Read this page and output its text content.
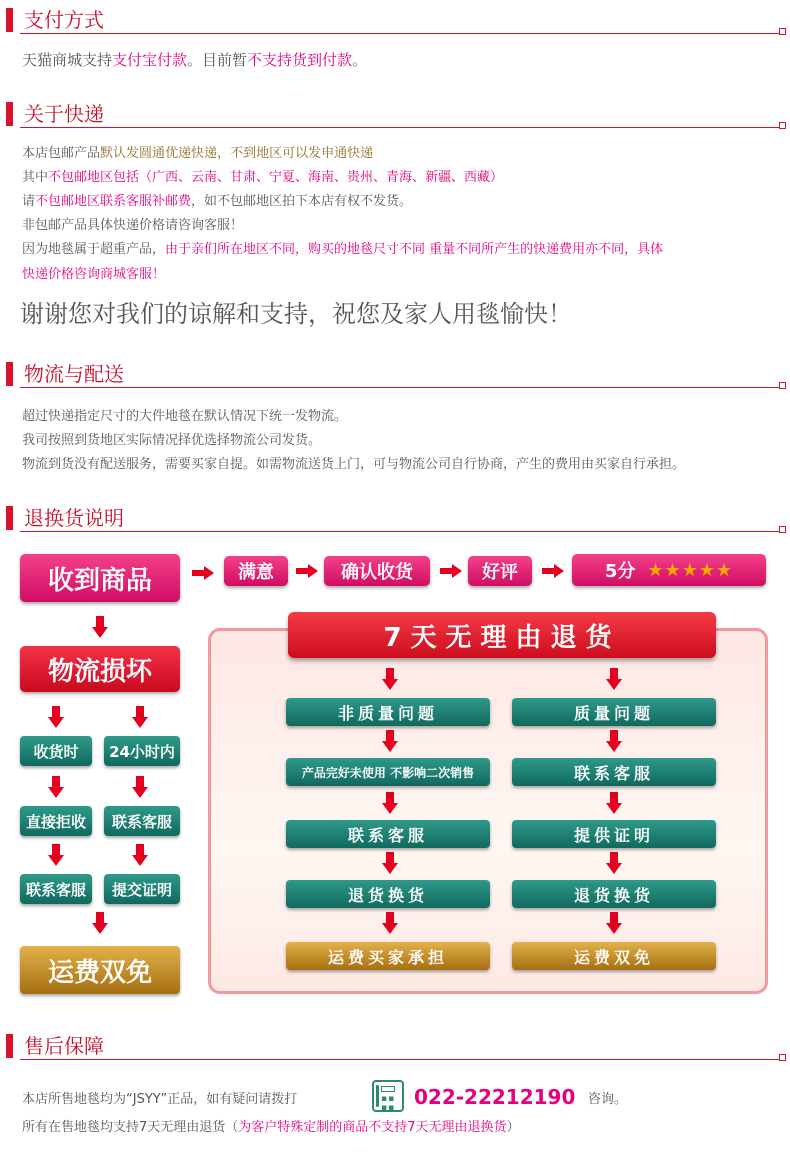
支付方式
天猫商城支持支付宝付款。目前暂不支持货到付款。
关于快递
本店包邮产品默认发圆通优递快递，不到地区可以发申通快递
其中不包邮地区包括（广西、云南、甘肃、宁夏、海南、贵州、青海、新疆、西藏）
请不包邮地区联系客服补邮费，如不包邮地区拍下本店有权不发货。
非包邮产品具体快递价格请咨询客服！
因为地毯属于超重产品，由于亲们所在地区不同，购买的地毯尺寸不同 重量不同所产生的快递费用亦不同，具体
快递价格咨询商城客服！
谢谢您对我们的谅解和支持，祝您及家人用毯愉快！
物流与配送
超过快递指定尺寸的大件地毯在默认情况下统一发物流。
我司按照到货地区实际情况择优选择物流公司发货。
物流到货没有配送服务，需要买家自提。如需物流送货上门，可与物流公司自行协商，产生的费用由买家自行承担。
退换货说明
收到商品	满意	确认收货	好评	5分 ★★★★★
物流损坏
收货时	24小时内
直接拒收	联系客服
联系客服	提交证明
运费双免
7天无理由退货
非质量问题
产品完好未使用 不影响二次销售
联系客服
退货换货
运费买家承担
质量问题
联系客服
提供证明
退货换货
运费双免
售后保障
本店所售地毯均为“JSYY”正品，如有疑问请拨打	▪▪
▪▪ 022-22212190 咨询。
所有在售地毯均支持7天无理由退货（为客户特殊定制的商品不支持7天无理由退换货）
